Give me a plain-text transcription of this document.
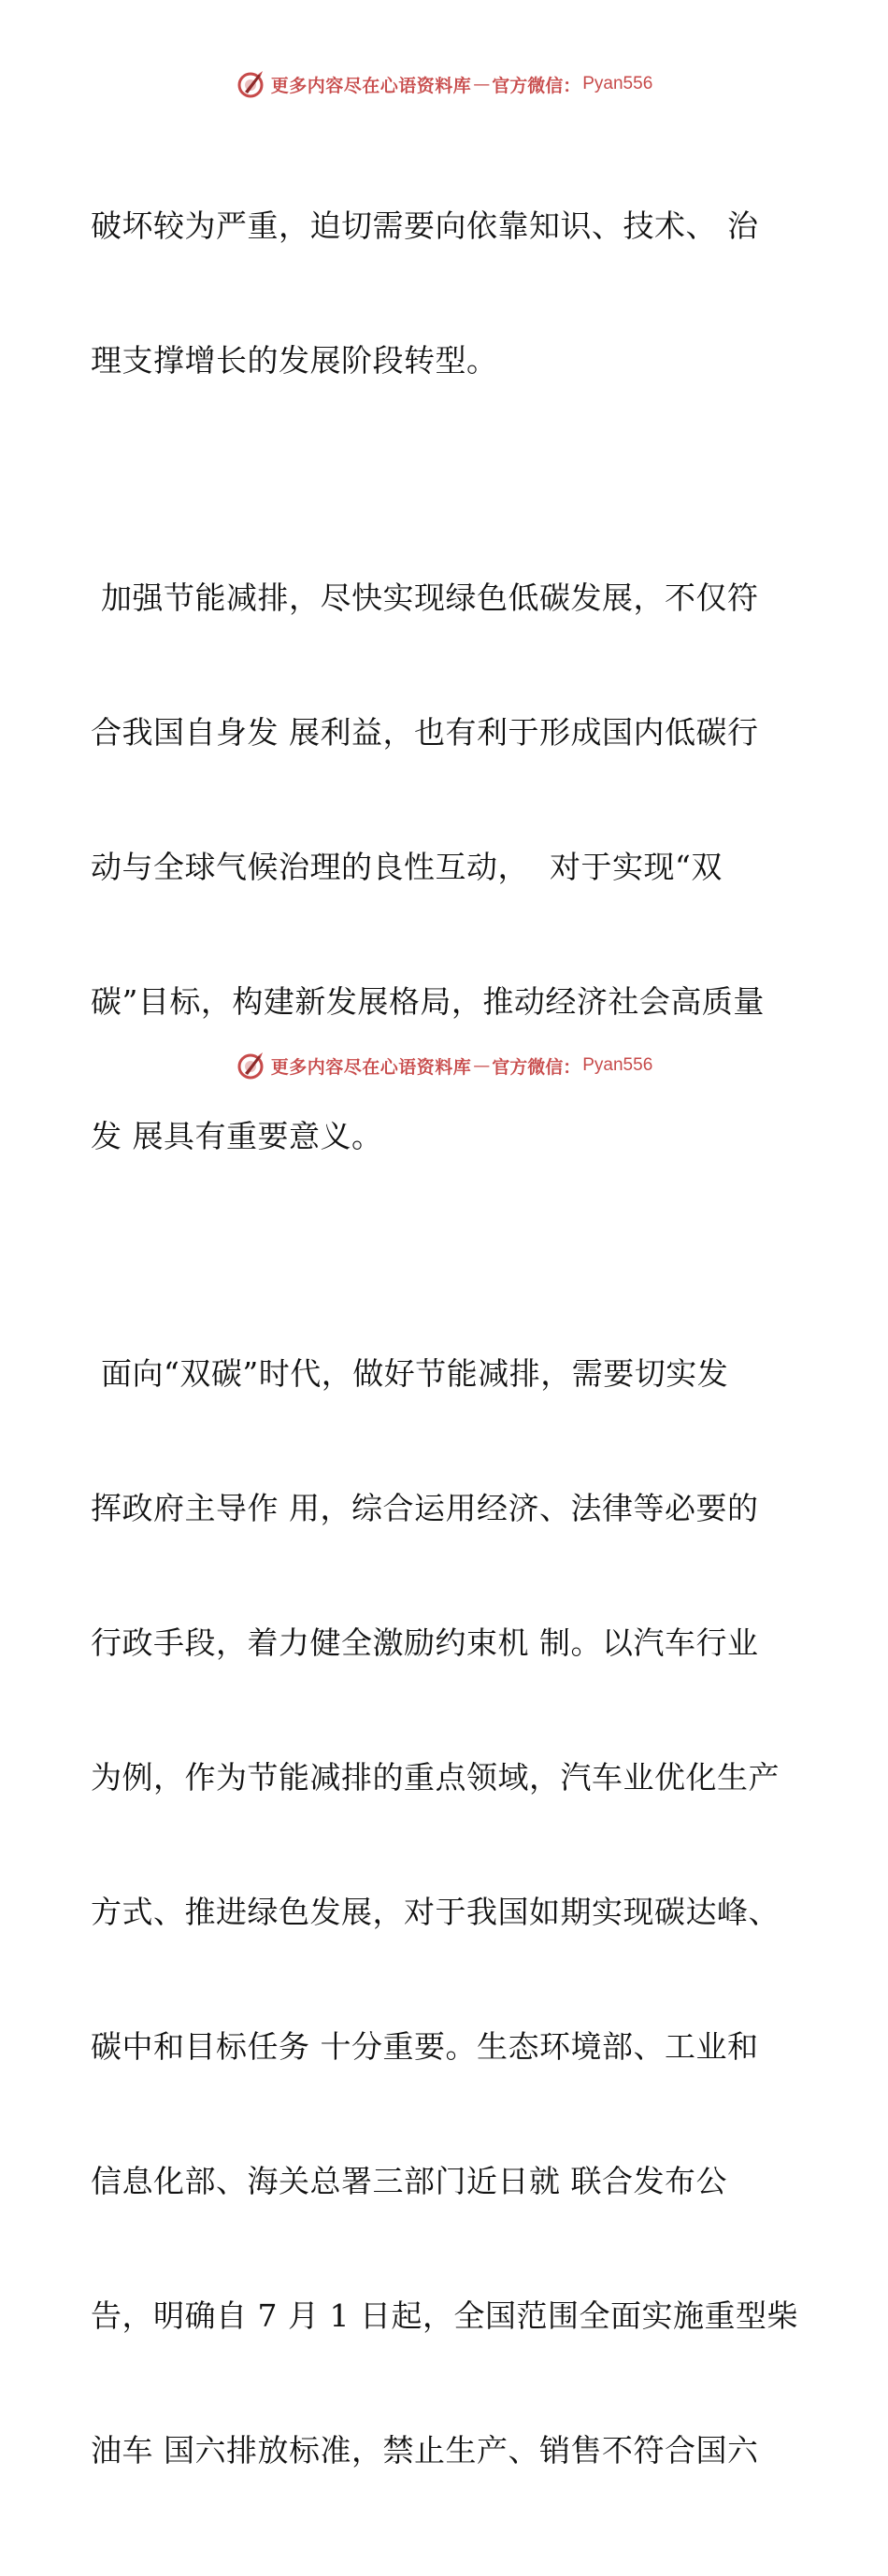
更多内容尽在心语资料库 — 官方微信： Pyan556

破坏较为严重，迫切需要向依靠知识、技术、 治

理支撑增长的发展阶段转型。

加强节能减排，尽快实现绿色低碳发展，不仅符

合我国自身发 展利益，也有利于形成国内低碳行

动与全球气候治理的良性互动，  对于实现“双

碳”目标，构建新发展格局，推动经济社会高质量

发 展具有重要意义。

面向“双碳”时代，做好节能减排，需要切实发

挥政府主导作 用，综合运用经济、法律等必要的

行政手段，着力健全激励约束机 制。以汽车行业

为例，作为节能减排的重点领域，汽车业优化生产

方式、推进绿色发展，对于我国如期实现碳达峰、

碳中和目标任务 十分重要。生态环境部、工业和

信息化部、海关总署三部门近日就 联合发布公

告，明确自 7 月 1 日起，全国范围全面实施重型柴

油车 国六排放标准，禁止生产、销售不符合国六

更多内容尽在心语资料库 — 官方微信： Pyan556
